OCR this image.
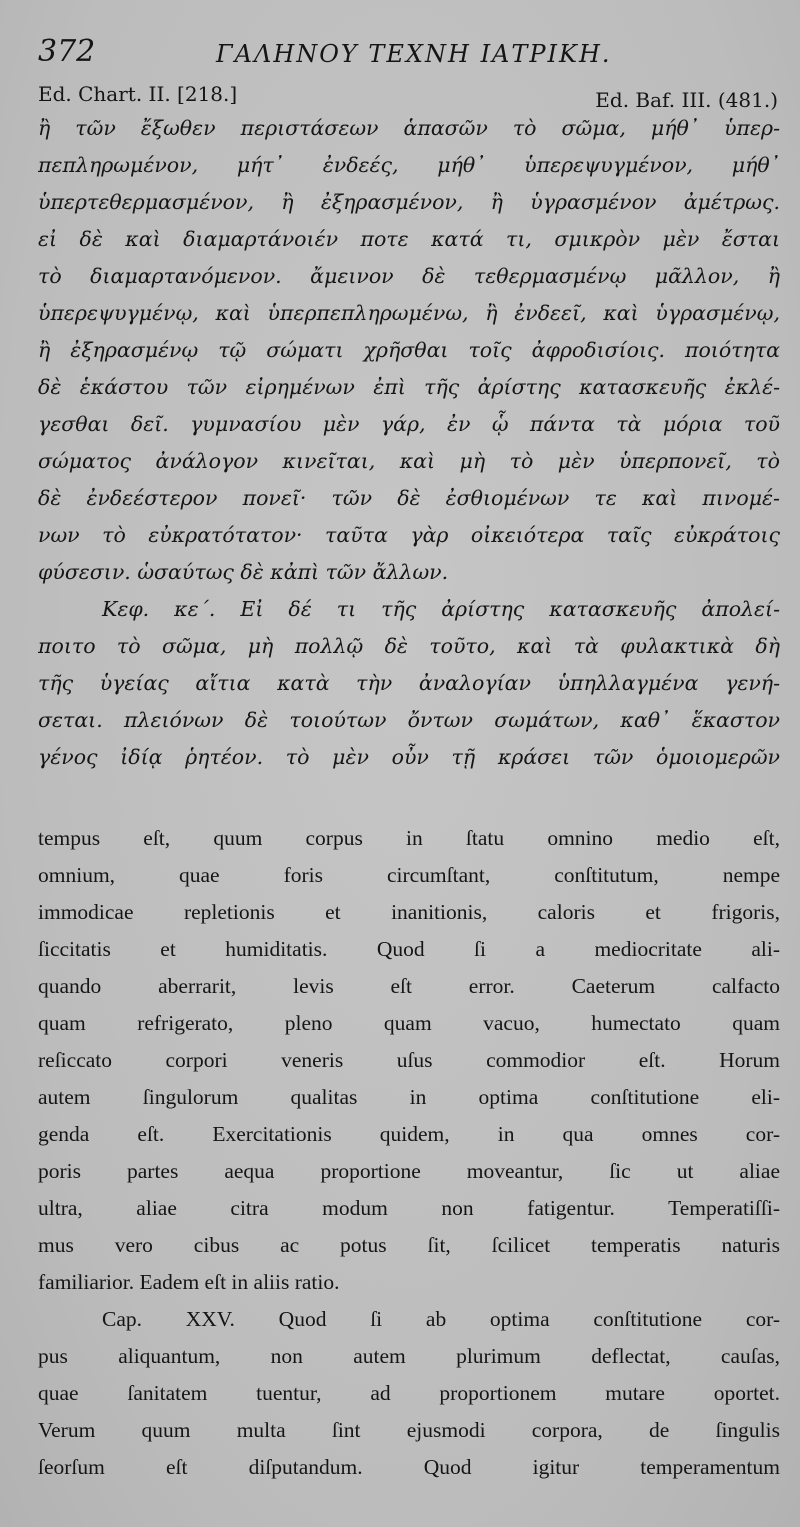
372	ΓΑΛΗΝΟΥ ΤΕΧΝΗ ΙΑΤΡΙΚΗ.
Ed. Chart. II. [218.]	Ed. Baf. III. (481.)
ἢ τῶν ἔξωθεν περιστάσεων ἁπασῶν τὸ σῶμα, μήθ᾽ ὑπερ-
πεπληρωμένον, μήτ᾽ ἐνδεές, μήθ᾽ ὑπερεψυγμένον, μήθ᾽
ὑπερτεθερμασμένον, ἢ ἐξηρασμένον, ἢ ὑγρασμένον ἀμέτρως.
εἰ δὲ καὶ διαμαρτάνοιέν ποτε κατά τι, σμικρὸν μὲν ἔσται
τὸ διαμαρτανόμενον. ἄμεινον δὲ τεθερμασμένῳ μᾶλλον, ἢ
ὑπερεψυγμένῳ, καὶ ὑπερπεπληρωμένω, ἢ ἐνδεεῖ, καὶ ὑγρασμένῳ,
ἢ ἐξηρασμένῳ τῷ σώματι χρῆσθαι τοῖς ἀφροδισίοις. ποιότητα
δὲ ἑκάστου τῶν εἰρημένων ἐπὶ τῆς ἀρίστης κατασκευῆς ἐκλέ-
γεσθαι δεῖ. γυμνασίου μὲν γάρ, ἐν ᾧ πάντα τὰ μόρια τοῦ
σώματος ἀνάλογον κινεῖται, καὶ μὴ τὸ μὲν ὑπερπονεῖ, τὸ
δὲ ἐνδεέστερον πονεῖ· τῶν δὲ ἐσθιομένων τε καὶ πινομέ-
νων τὸ εὐκρατότατον· ταῦτα γὰρ οἰκειότερα ταῖς εὐκράτοις
φύσεσιν. ὡσαύτως δὲ κἀπὶ τῶν ἄλλων.
Κεφ. κε΄. Εἰ δέ τι τῆς ἀρίστης κατασκευῆς ἀπολεί-
ποιτο τὸ σῶμα, μὴ πολλῷ δὲ τοῦτο, καὶ τὰ φυλακτικὰ δὴ
τῆς ὑγείας αἴτια κατὰ τὴν ἀναλογίαν ὑπηλλαγμένα γενή-
σεται. πλειόνων δὲ τοιούτων ὄντων σωμάτων, καθ᾽ ἕκαστον
γένος ἰδίᾳ ῥητέον. τὸ μὲν οὖν τῇ κράσει τῶν ὁμοιομερῶν
tempus eſt, quum corpus in ſtatu omnino medio eſt,
omnium, quae foris circumſtant, conſtitutum, nempe
immodicae repletionis et inanitionis, caloris et frigoris,
ſiccitatis et humiditatis. Quod ſi a mediocritate ali-
quando aberrarit, levis eſt error. Caeterum calfacto
quam refrigerato, pleno quam vacuo, humectato quam
reſiccato corpori veneris uſus commodior eſt. Horum
autem ſingulorum qualitas in optima conſtitutione eli-
genda eſt. Exercitationis quidem, in qua omnes cor-
poris partes aequa proportione moveantur, ſic ut aliae
ultra, aliae citra modum non fatigentur. Temperatiſſi-
mus vero cibus ac potus ſit, ſcilicet temperatis naturis
familiarior. Eadem eſt in aliis ratio.
Cap. XXV. Quod ſi ab optima conſtitutione cor-
pus aliquantum, non autem plurimum deflectat, cauſas,
quae ſanitatem tuentur, ad proportionem mutare oportet.
Verum quum multa ſint ejusmodi corpora, de ſingulis
ſeorſum eſt diſputandum. Quod igitur temperamentum
